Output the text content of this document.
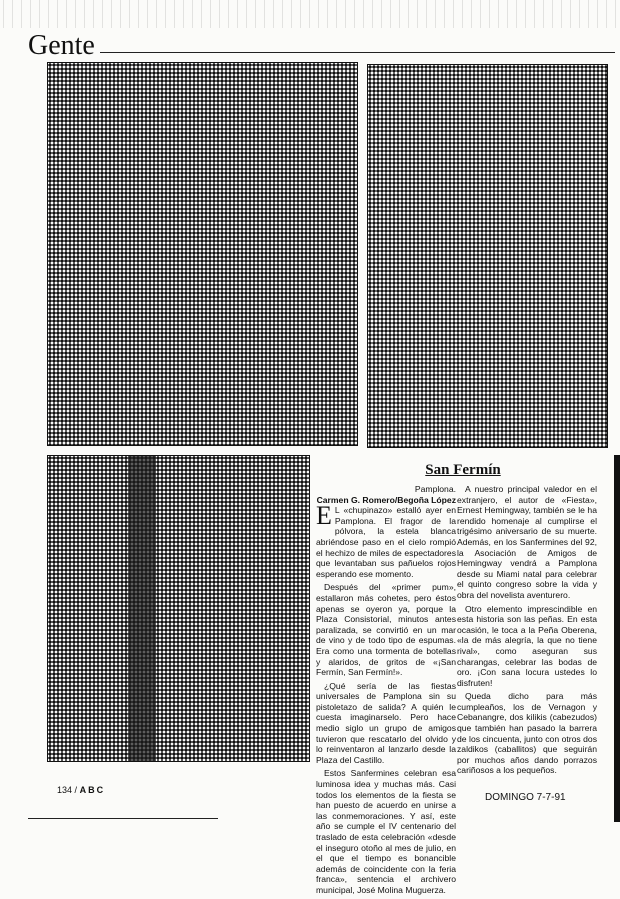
Gente
San Fermín
Pamplona.
Carmen G. Romero/Begoña López

E L «chupinazo» estalló ayer en Pamplona. El fragor de la pólvora, la estela blanca abriéndose paso en el cielo rompió el hechizo de miles de espectadores que levantaban sus pañuelos rojos esperando ese momento.

Después del «primer pum», estallaron más cohetes, pero éstos apenas se oyeron ya, porque la Plaza Consistorial, minutos antes paralizada, se convirtió en un mar de vino y de todo tipo de espumas. Era como una tormenta de botellas y alaridos, de gritos de «¡San Fermín, San Fermín!».

¿Qué sería de las fiestas universales de Pamplona sin su pistoletazo de salida? A quién le cuesta imaginarselo. Pero hace medio siglo un grupo de amigos tuvieron que rescatarlo del olvido y lo reinventaron al lanzarlo desde la Plaza del Castillo.

Estos Sanfermines celebran esa luminosa idea y muchas más. Casi todos los elementos de la fiesta se han puesto de acuerdo en unirse a las conmemoraciones. Y así, este año se cumple el IV centenario del traslado de esta celebración «desde el inseguro otoño al mes de julio, en el que el tiempo es bonancible además de coincidente con la feria franca», sentencia el archivero municipal, José Molina Muguerza.

A nuestro principal valedor en el extranjero, el autor de «Fiesta», Ernest Hemingway, también se le ha rendido homenaje al cumplirse el trigésimo aniversario de su muerte. Además, en los Sanfermines del 92, la Asociación de Amigos de Hemingway vendrá a Pamplona desde su Miami natal para celebrar el quinto congreso sobre la vida y obra del novelista aventurero.

Otro elemento imprescindible en esta historia son las peñas. En esta ocasión, le toca a la Peña Oberena, «la de más alegría, la que no tiene rival», como aseguran sus charangas, celebrar las bodas de oro. ¡Con sana locura ustedes lo disfruten!

Queda dicho para más cumpleaños, los de Vernagon y Cebanangre, dos kilikis (cabezudos) que también han pasado la barrera de los cincuenta, junto con otros dos zaldikos (caballitos) que seguirán por muchos años dando porrazos cariñosos a los pequeños.

134 / ABC
DOMINGO 7-7-91
